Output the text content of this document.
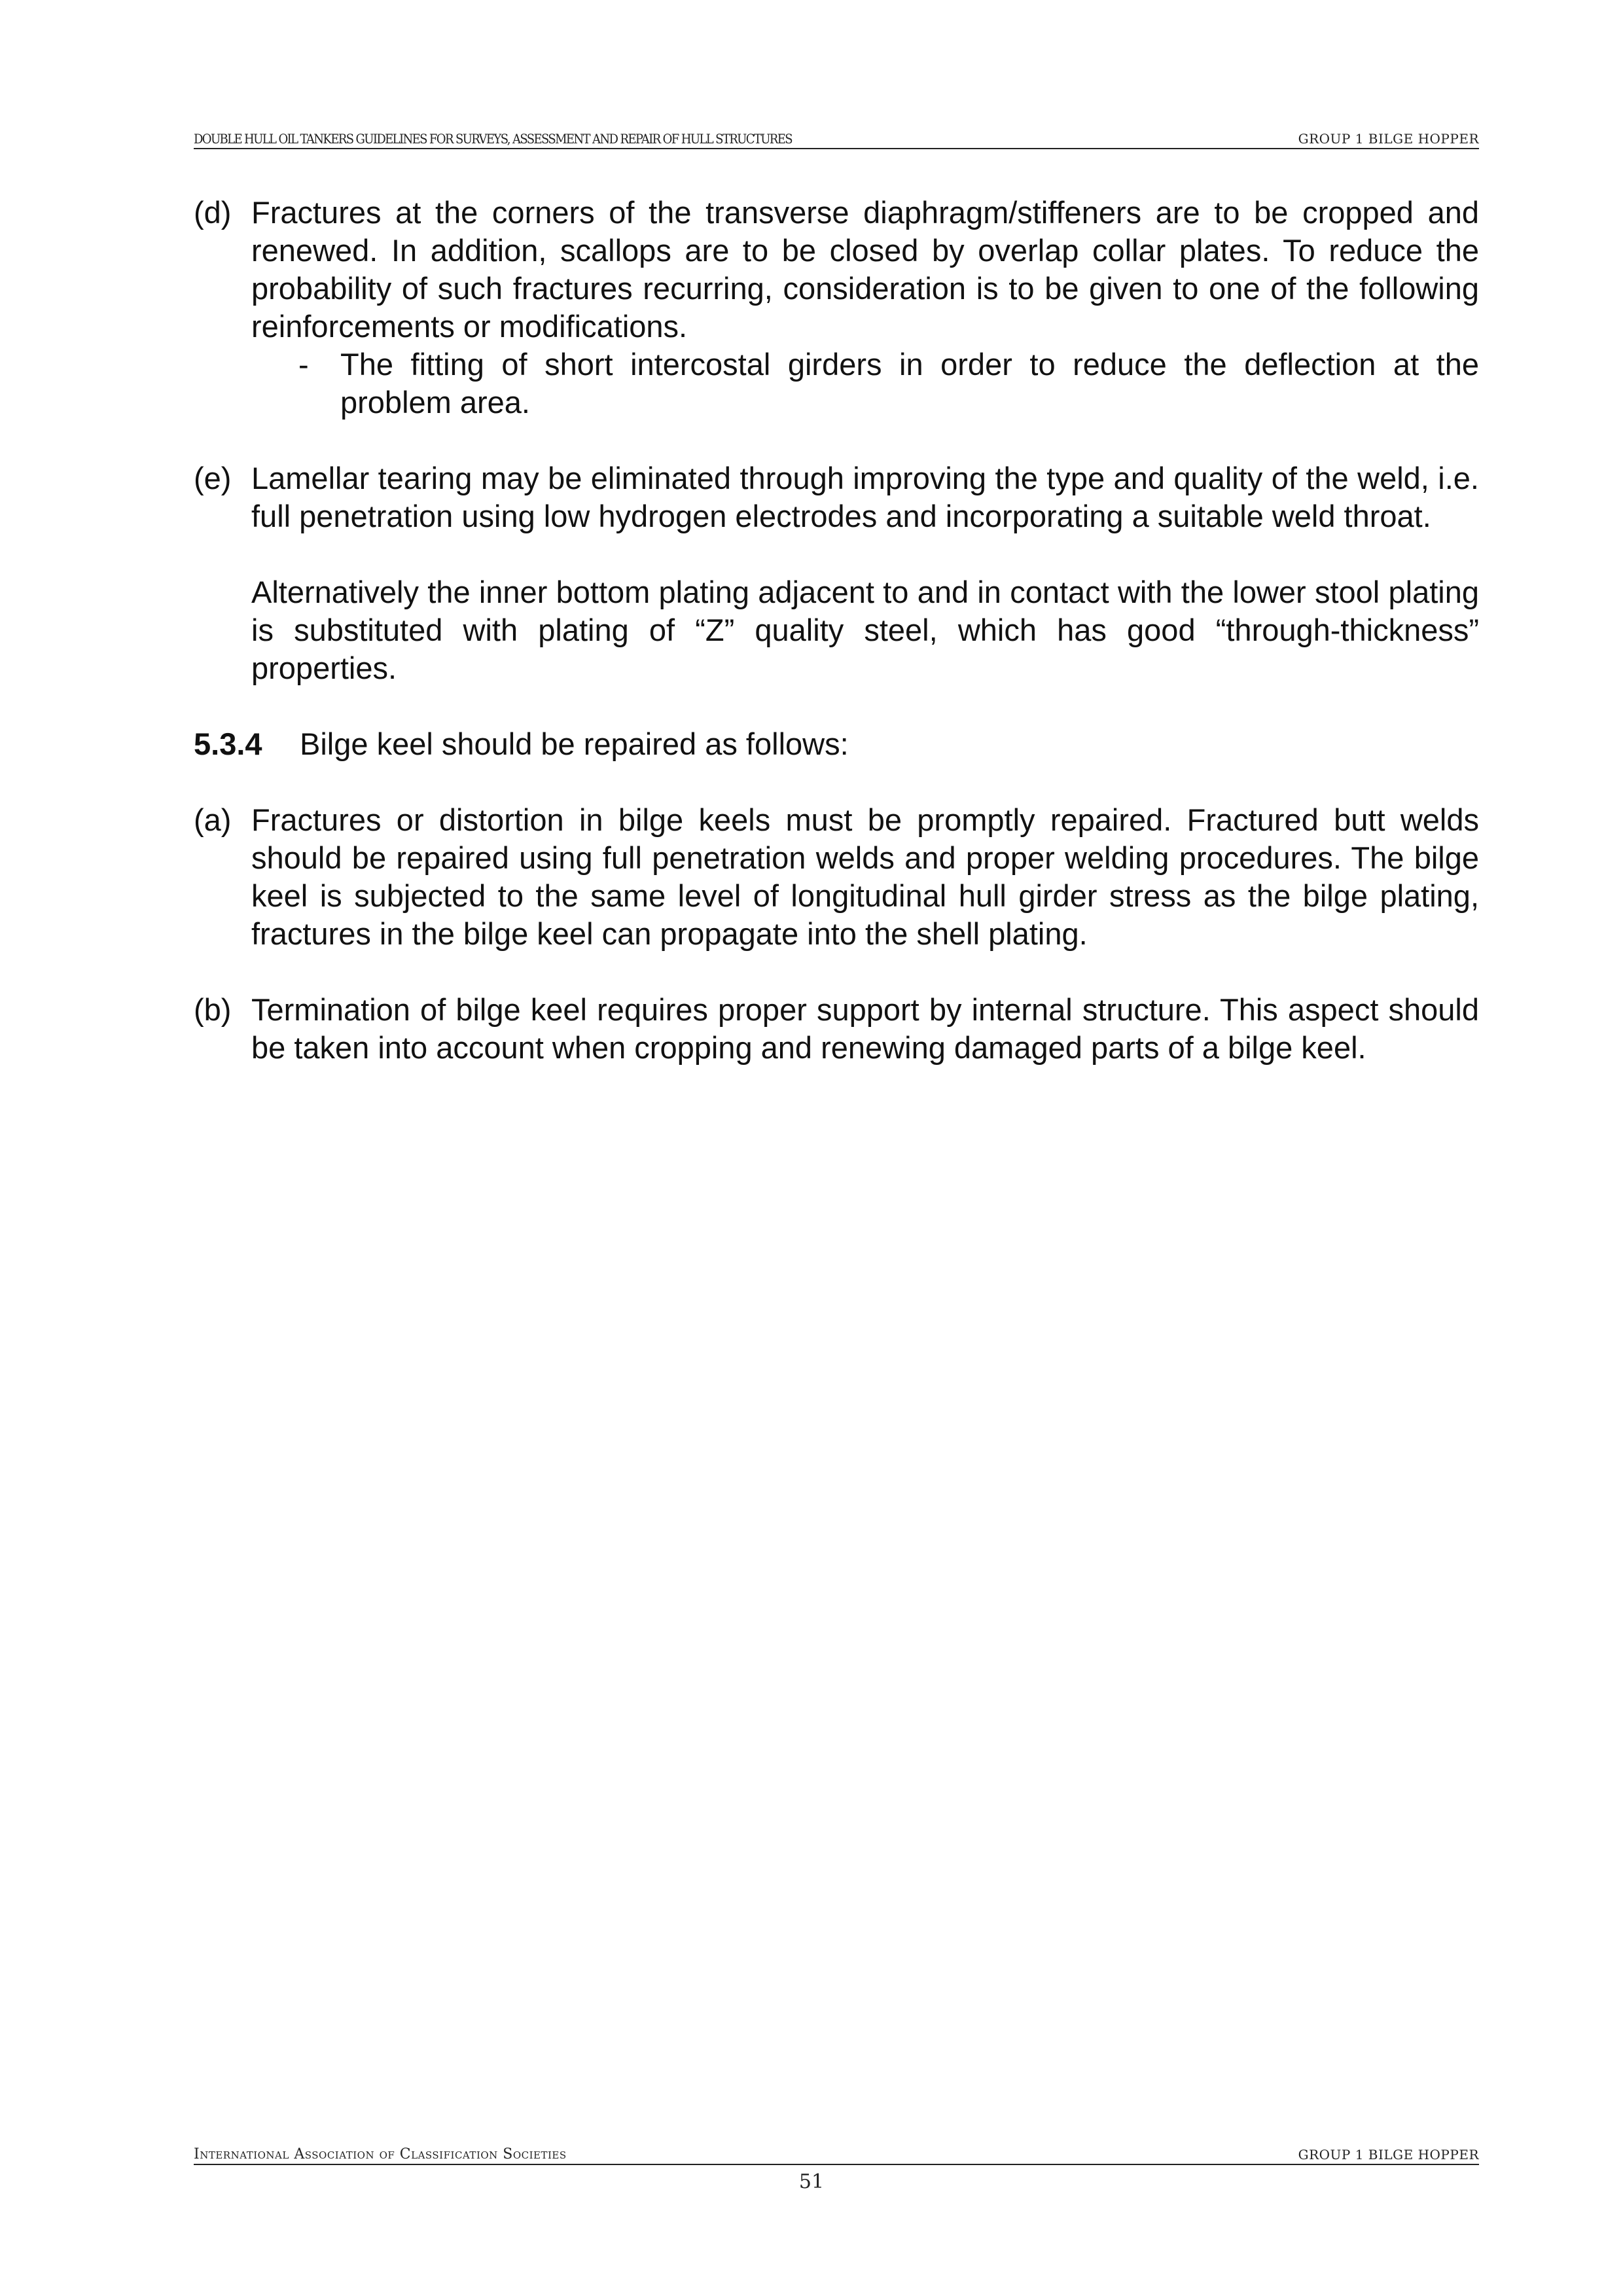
DOUBLE HULL OIL TANKERS GUIDELINES FOR SURVEYS, ASSESSMENT AND REPAIR OF HULL STRUCTURES	GROUP 1 BILGE HOPPER
(d) Fractures at the corners of the transverse diaphragm/stiffeners are to be cropped and renewed. In addition, scallops are to be closed by overlap collar plates. To reduce the probability of such fractures recurring, consideration is to be given to one of the following reinforcements or modifications.
- The fitting of short intercostal girders in order to reduce the deflection at the problem area.
(e) Lamellar tearing may be eliminated through improving the type and quality of the weld, i.e. full penetration using low hydrogen electrodes and incorporating a suitable weld throat.
Alternatively the inner bottom plating adjacent to and in contact with the lower stool plating is substituted with plating of “Z” quality steel, which has good “through-thickness” properties.
5.3.4 Bilge keel should be repaired as follows:
(a) Fractures or distortion in bilge keels must be promptly repaired. Fractured butt welds should be repaired using full penetration welds and proper welding procedures. The bilge keel is subjected to the same level of longitudinal hull girder stress as the bilge plating, fractures in the bilge keel can propagate into the shell plating.
(b) Termination of bilge keel requires proper support by internal structure. This aspect should be taken into account when cropping and renewing damaged parts of a bilge keel.
International Association of Classification Societies	GROUP 1 BILGE HOPPER
51
